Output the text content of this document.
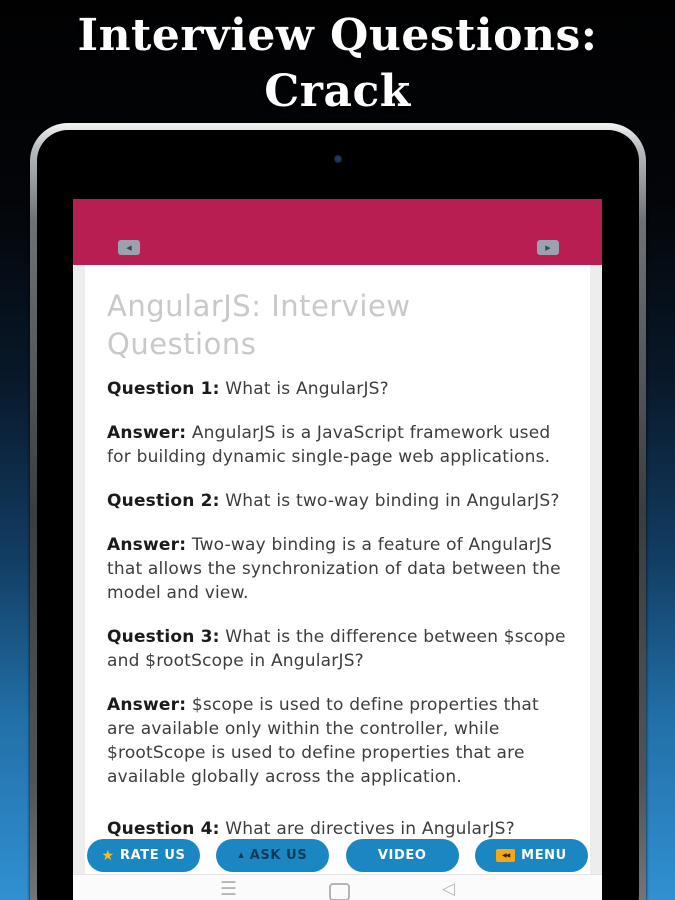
Interview Questions: Crack
◀	▶
AngularJS: Interview Questions

Question 1: What is AngularJS?

Answer: AngularJS is a JavaScript framework used for building dynamic single-page web applications.

Question 2: What is two-way binding in AngularJS?

Answer: Two-way binding is a feature of AngularJS that allows the synchronization of data between the model and view.

Question 3: What is the difference between $scope and $rootScope in AngularJS?

Answer: $scope is used to define properties that are available only within the controller, while $rootScope is used to define properties that are available globally across the application.

Question 4: What are directives in AngularJS?

★ RATE US	▲ ASK US	VIDEO	◀◀ MENU
☰	◁
